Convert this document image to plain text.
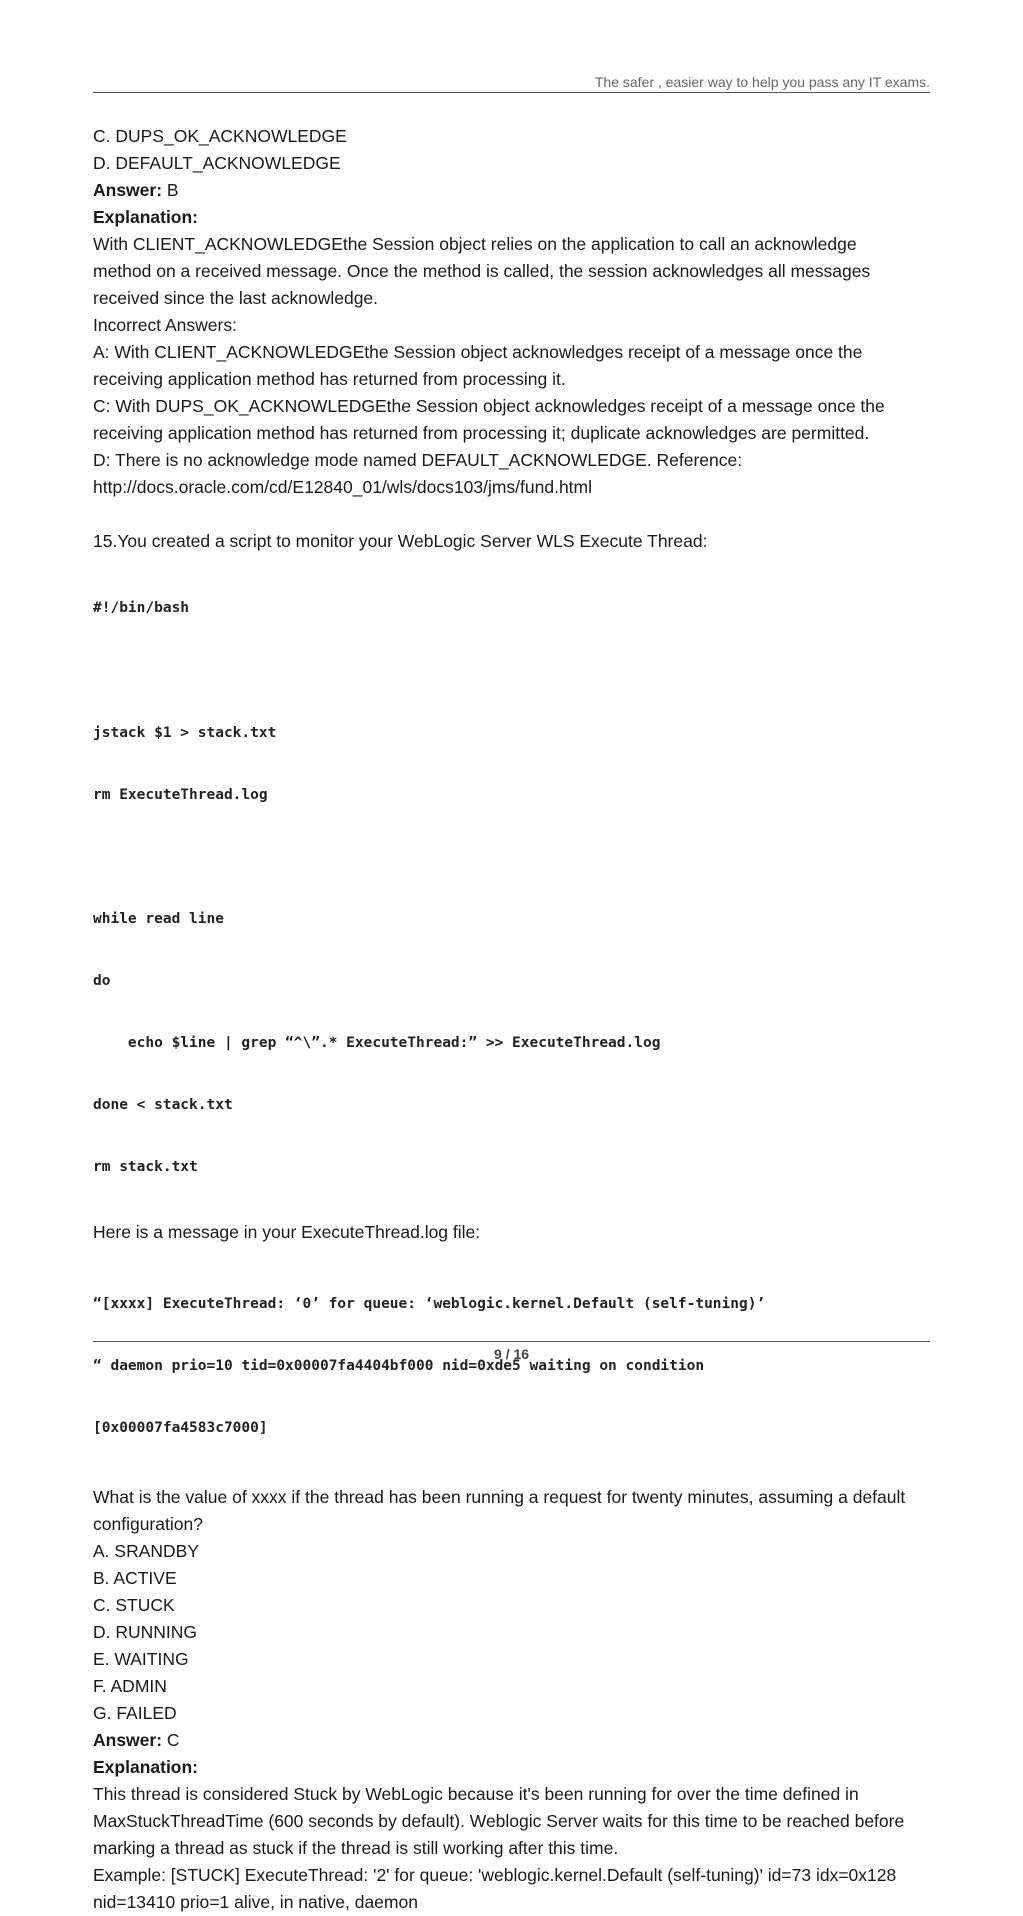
The safer , easier way to help you pass any IT exams.
C. DUPS_OK_ACKNOWLEDGE
D. DEFAULT_ACKNOWLEDGE
Answer: B
Explanation:
With CLIENT_ACKNOWLEDGEthe Session object relies on the application to call an acknowledge
method on a received message. Once the method is called, the session acknowledges all messages
received since the last acknowledge.
Incorrect Answers:
A: With CLIENT_ACKNOWLEDGEthe Session object acknowledges receipt of a message once the
receiving application method has returned from processing it.
C: With DUPS_OK_ACKNOWLEDGEthe Session object acknowledges receipt of a message once the
receiving application method has returned from processing it; duplicate acknowledges are permitted.
D: There is no acknowledge mode named DEFAULT_ACKNOWLEDGE. Reference:
http://docs.oracle.com/cd/E12840_01/wls/docs103/jms/fund.html
15.You created a script to monitor your WebLogic Server WLS Execute Thread:

#!/bin/bash

jstack $1 > stack.txt

rm ExecuteThread.log

while read line

do

echo $line | grep “^\”.* ExecuteThread:” >> ExecuteThread.log

done < stack.txt

rm stack.txt

Here is a message in your ExecuteThread.log file:

“[xxxx] ExecuteThread: ‘0’ for queue: ‘weblogic.kernel.Default (self-tuning)’

“ daemon prio=10 tid=0x00007fa4404bf000 nid=0xde5 waiting on condition

[0x00007fa4583c7000]

What is the value of xxxx if the thread has been running a request for twenty minutes, assuming a default
configuration?
A. SRANDBY
B. ACTIVE
C. STUCK
D. RUNNING
E. WAITING
F. ADMIN
G. FAILED
Answer: C
Explanation:
This thread is considered Stuck by WebLogic because it's been running for over the time defined in
MaxStuckThreadTime (600 seconds by default). Weblogic Server waits for this time to be reached before
marking a thread as stuck if the thread is still working after this time.
Example: [STUCK] ExecuteThread: '2' for queue: 'weblogic.kernel.Default (self-tuning)' id=73 idx=0x128
nid=13410 prio=1 alive, in native, daemon
9 / 16
